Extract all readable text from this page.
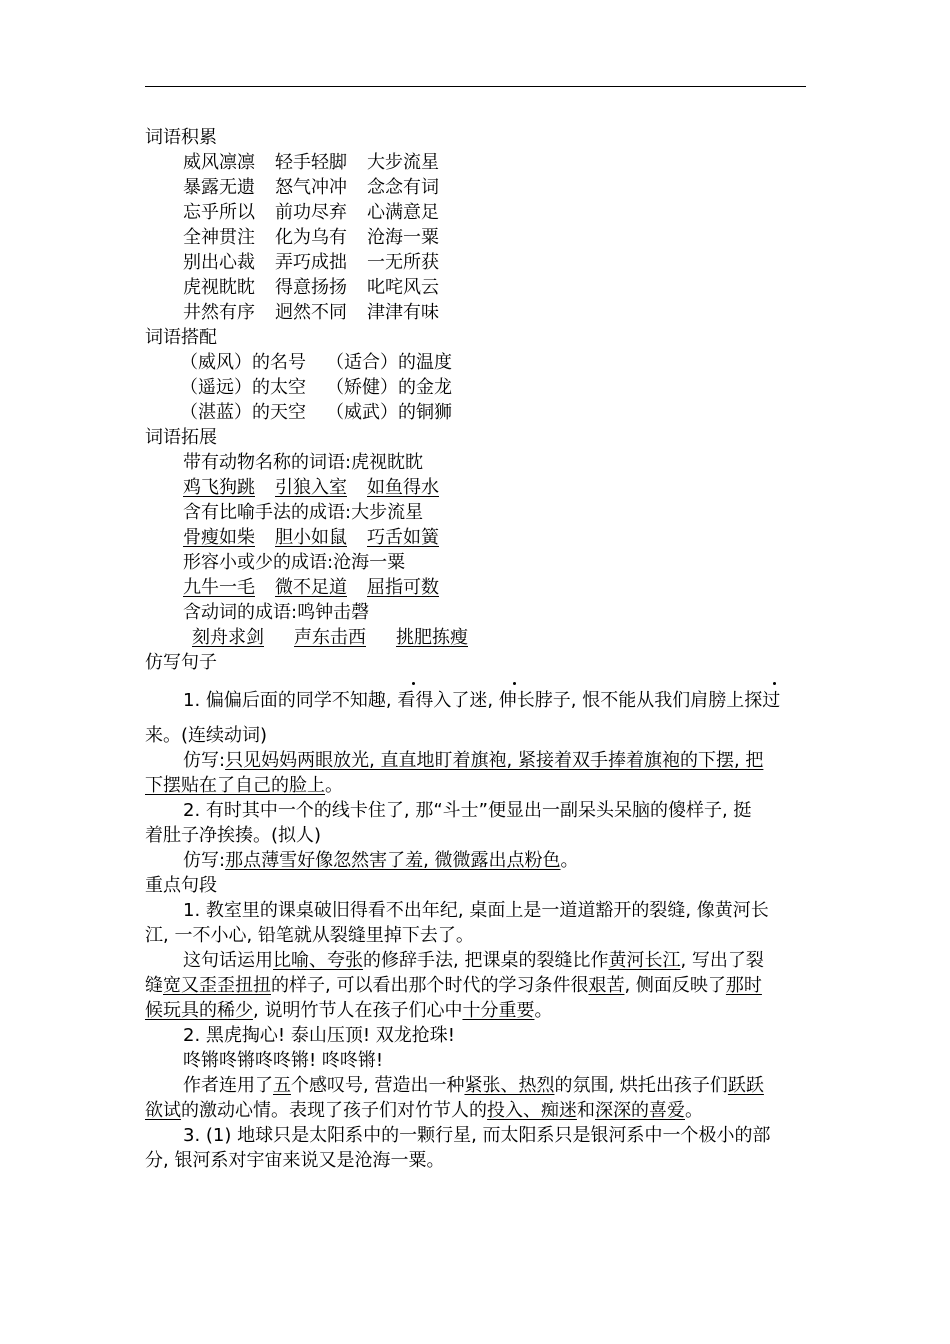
词语积累
威风凛凛 轻手轻脚 大步流星
暴露无遗 怒气冲冲 念念有词
忘乎所以 前功尽弃 心满意足
全神贯注 化为乌有 沧海一粟
别出心裁 弄巧成拙 一无所获
虎视眈眈 得意扬扬 叱咤风云
井然有序 迥然不同 津津有味
词语搭配
（威风）的名号 （适合）的温度
（遥远）的太空 （矫健）的金龙
（湛蓝）的天空 （威武）的铜狮
词语拓展
带有动物名称的词语:虎视眈眈
鸡飞狗跳 引狼入室 如鱼得水
含有比喻手法的成语:大步流星
骨瘦如柴 胆小如鼠 巧舌如簧
形容小或少的成语:沧海一粟
九牛一毛 微不足道 屈指可数
含动词的成语:鸣钟击磬
刻舟求剑 声东击西 挑肥拣瘦
仿写句子
1. 偏偏后面的同学不知趣, 看得入了迷, 伸长脖子, 恨不能从我们肩膀上探过
来。(连续动词)
仿写:只见妈妈两眼放光, 直直地盯着旗袍, 紧接着双手捧着旗袍的下摆, 把
下摆贴在了自己的脸上。
2. 有时其中一个的线卡住了, 那“斗士”便显出一副呆头呆脑的傻样子, 挺
着肚子净挨揍。(拟人)
仿写:那点薄雪好像忽然害了羞, 微微露出点粉色。
重点句段
1. 教室里的课桌破旧得看不出年纪, 桌面上是一道道豁开的裂缝, 像黄河长
江, 一不小心, 铅笔就从裂缝里掉下去了。
这句话运用比喻、夸张的修辞手法, 把课桌的裂缝比作黄河长江, 写出了裂
缝宽又歪歪扭扭的样子, 可以看出那个时代的学习条件很艰苦, 侧面反映了那时
候玩具的稀少, 说明竹节人在孩子们心中十分重要。
2. 黑虎掏心! 泰山压顶! 双龙抢珠!
咚锵咚锵咚咚锵! 咚咚锵!
作者连用了五个感叹号, 营造出一种紧张、热烈的氛围, 烘托出孩子们跃跃
欲试的激动心情。表现了孩子们对竹节人的投入、痴迷和深深的喜爱。
3. (1) 地球只是太阳系中的一颗行星, 而太阳系只是银河系中一个极小的部
分, 银河系对宇宙来说又是沧海一粟。
